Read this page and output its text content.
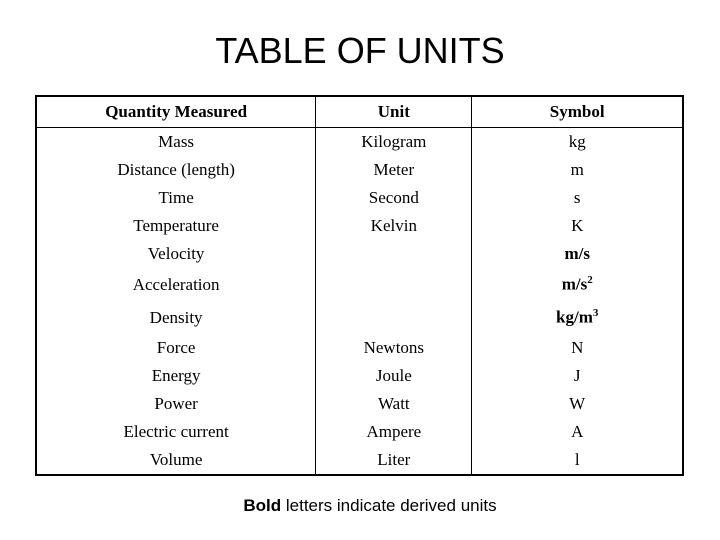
TABLE OF UNITS
Quantity Measured	Unit	Symbol
Mass	Kilogram	kg
Distance (length)	Meter	m
Time	Second	s
Temperature	Kelvin	K
Velocity		m/s
Acceleration		$m/s^2$
Density		$kg/m^3$
Force	Newtons	N
Energy	Joule	J
Power	Watt	W
Electric current	Ampere	A
Volume	Liter	l
Bold letters indicate derived units
